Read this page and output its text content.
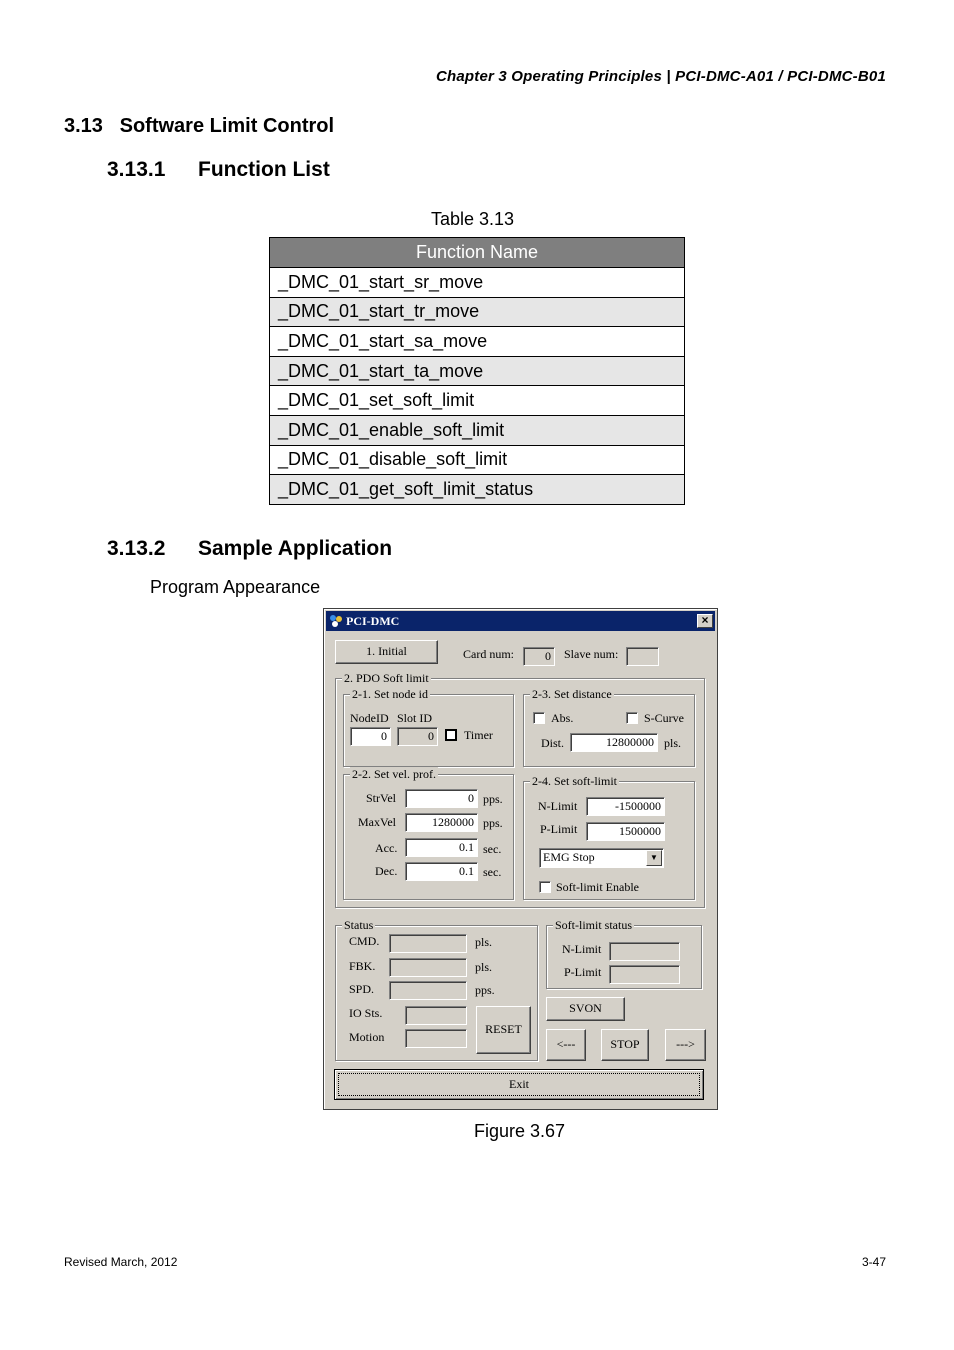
Chapter 3 Operating Principles | PCI-DMC-A01 / PCI-DMC-B01
3.13 Software Limit Control
3.13.1 Function List
Table 3.13
Function Name
_DMC_01_start_sr_move
_DMC_01_start_tr_move
_DMC_01_start_sa_move
_DMC_01_start_ta_move
_DMC_01_set_soft_limit
_DMC_01_enable_soft_limit
_DMC_01_disable_soft_limit
_DMC_01_get_soft_limit_status
3.13.2 Sample Application
Program Appearance
PCI-DMC	×
1. Initial	Card num:	0	Slave num:
2. PDO Soft limit
2-1. Set node id
NodeID Slot ID
0	0	Timer
2-3. Set distance
Abs.	S-Curve
Dist.	12800000 pls.
2-2. Set vel. prof.
StrVel	0 pps.
MaxVel	1280000 pps.
Acc.	0.1 sec.
Dec.	0.1 sec.
2-4. Set soft-limit
N-Limit	-1500000
P-Limit	1500000
EMG Stop	▼
Soft-limit Enable
Status
CMD.	pls.
FBK.	pls.
SPD.	pps.
IO Sts.
Motion
RESET
Soft-limit status
N-Limit
P-Limit
SVON
<---	STOP	--->
Exit
Figure 3.67
Revised March, 2012	3-47
